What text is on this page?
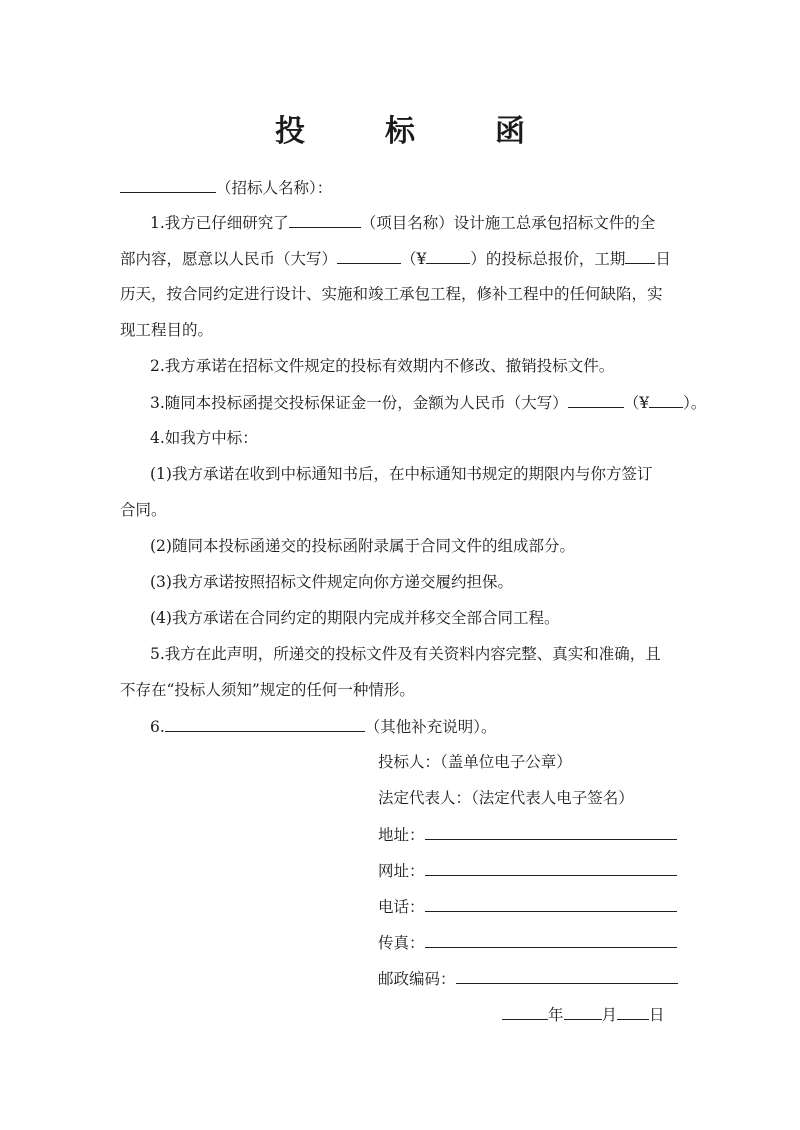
投	标	函
（招标人名称）：
1.我方已仔细研究了	（项目名称）设计施工总承包招标文件的全
部内容，愿意以人民币（大写）	（¥	）的投标总报价，工期 日
历天，按合同约定进行设计、实施和竣工承包工程，修补工程中的任何缺陷，实
现工程目的。
2.我方承诺在招标文件规定的投标有效期内不修改、撤销投标文件。
3.随同本投标函提交投标保证金一份，金额为人民币（大写）	（¥ ）。
4.如我方中标：
(1)我方承诺在收到中标通知书后，在中标通知书规定的期限内与你方签订
合同。
(2)随同本投标函递交的投标函附录属于合同文件的组成部分。
(3)我方承诺按照招标文件规定向你方递交履约担保。
(4)我方承诺在合同约定的期限内完成并移交全部合同工程。
5.我方在此声明，所递交的投标文件及有关资料内容完整、真实和准确，且
不存在“投标人须知”规定的任何一种情形。
6.	（其他补充说明）。
投标人：（盖单位电子公章）
法定代表人：（法定代表人电子签名）
地址：
网址：
电话：
传真：
邮政编码：
年 月 日
